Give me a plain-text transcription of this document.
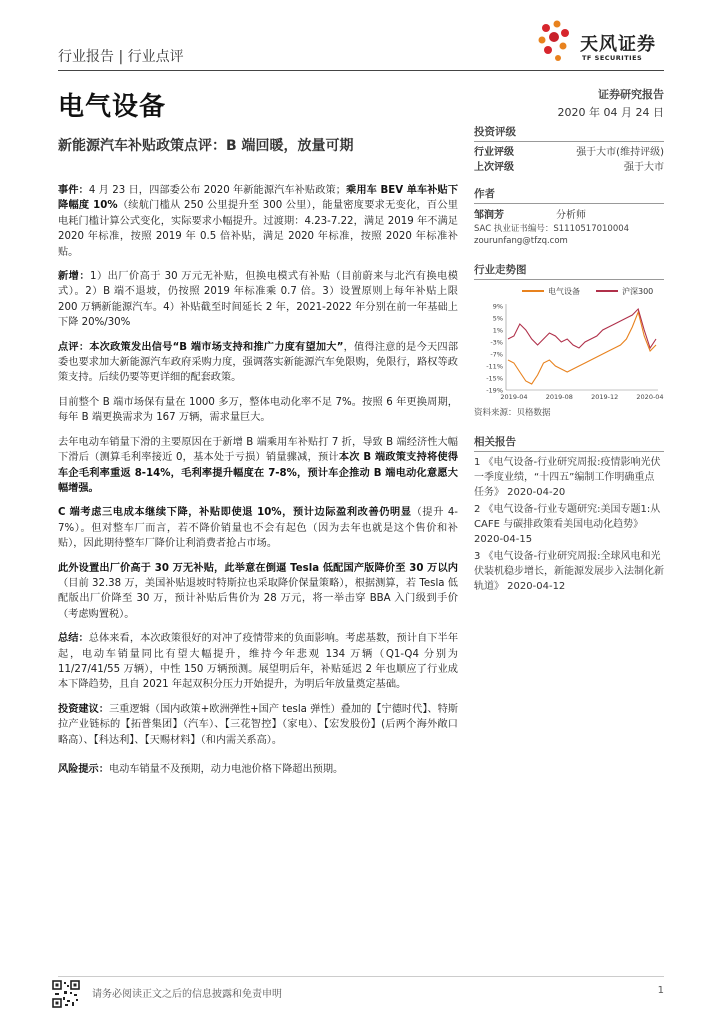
行业报告 | 行业点评
天风证券
TF SECURITIES
电气设备	证券研究报告
2020 年 04 月 24 日
新能源汽车补贴政策点评：B 端回暖，放量可期

事件：4 月 23 日，四部委公布 2020 年新能源汽车补贴政策；乘用车 BEV 单车补贴下降幅度 10%（续航门槛从 250 公里提升至 300 公里），能量密度要求无变化，百公里电耗门槛计算公式变化，实际要求小幅提升。过渡期：4.23-7.22，满足 2019 年不满足 2020 年标准，按照 2019 年 0.5 倍补贴，满足 2020 年标准，按照 2020 年标准补贴。

新增：1）出厂价高于 30 万元无补贴，但换电模式有补贴（目前蔚来与北汽有换电模式）。2）B 端不退坡，仍按照 2019 年标准乘 0.7 倍。3）设置原则上每年补贴上限 200 万辆新能源汽车。4）补贴截至时间延长 2 年，2021-2022 年分别在前一年基础上下降 20%/30%

点评：本次政策发出信号“B 端市场支持和推广力度有望加大”，值得注意的是今天四部委也要求加大新能源汽车政府采购力度，强调落实新能源汽车免限购，免限行，路权等政策支持。后续仍要等更详细的配套政策。

目前整个 B 端市场保有量在 1000 多万，整体电动化率不足 7%。按照 6 年更换周期，每年 B 端更换需求为 167 万辆，需求量巨大。

去年电动车销量下滑的主要原因在于新增 B 端乘用车补贴打 7 折，导致 B 端经济性大幅下滑后（测算毛利率接近 0，基本处于亏损）销量骤减，预计本次 B 端政策支持将使得车企毛利率重返 8-14%，毛利率提升幅度在 7-8%，预计车企推动 B 端电动化意愿大幅增强。

C 端考虑三电成本继续下降，补贴即使退 10%，预计边际盈利改善仍明显（提升 4-7%）。但对整车厂而言，若不降价销量也不会有起色（因为去年也就是这个售价和补贴），因此期待整车厂降价让利消费者抢占市场。

此外设置出厂价高于 30 万无补贴，此举意在倒逼 Tesla 低配国产版降价至 30 万以内（目前 32.38 万，美国补贴退坡时特斯拉也采取降价保量策略），根据测算，若 Tesla 低配版出厂价降至 30 万，预计补贴后售价为 28 万元，将一举击穿 BBA 入门级到手价（考虑购置税）。

总结：总体来看，本次政策很好的对冲了疫情带来的负面影响。考虑基数，预计自下半年起，电动车销量同比有望大幅提升，维持今年悲观 134 万辆（Q1-Q4 分别为 11/27/41/55 万辆），中性 150 万辆预测。展望明后年，补贴延迟 2 年也顺应了行业成本下降趋势，且自 2021 年起双积分压力开始提升，为明后年放量奠定基础。

投资建议：三重逻辑（国内政策+欧洲弹性+国产 tesla 弹性）叠加的【宁德时代】、特斯拉产业链标的【拓普集团】（汽车）、【三花智控】（家电）、【宏发股份】(后两个海外敞口略高）、【科达利】、【天赐材料】（和内需关系高）。

风险提示：电动车销量不及预期，动力电池价格下降超出预期。

投资评级
行业评级	强于大市(维持评级)
上次评级	强于大市
作者
邹润芳	分析师
SAC 执业证书编号：S1110517010004
zourunfang@tfzq.com
行业走势图
电气设备	沪深300
9%
5%
1%
-3%
-7%
-11%
-15%
-19%
2019-04	2019-08	2019-12	2020-04
资料来源：贝格数据
相关报告
1 《电气设备-行业研究周报:疫情影响光伏一季度业绩，“十四五”编制工作明确重点任务》 2020-04-20
2 《电气设备-行业专题研究:美国专题1:从 CAFE 与碳排政策看美国电动化趋势》 2020-04-15
3 《电气设备-行业研究周报:全球风电和光伏装机稳步增长，新能源发展步入法制化新轨道》 2020-04-12
请务必阅读正文之后的信息披露和免责申明	1
